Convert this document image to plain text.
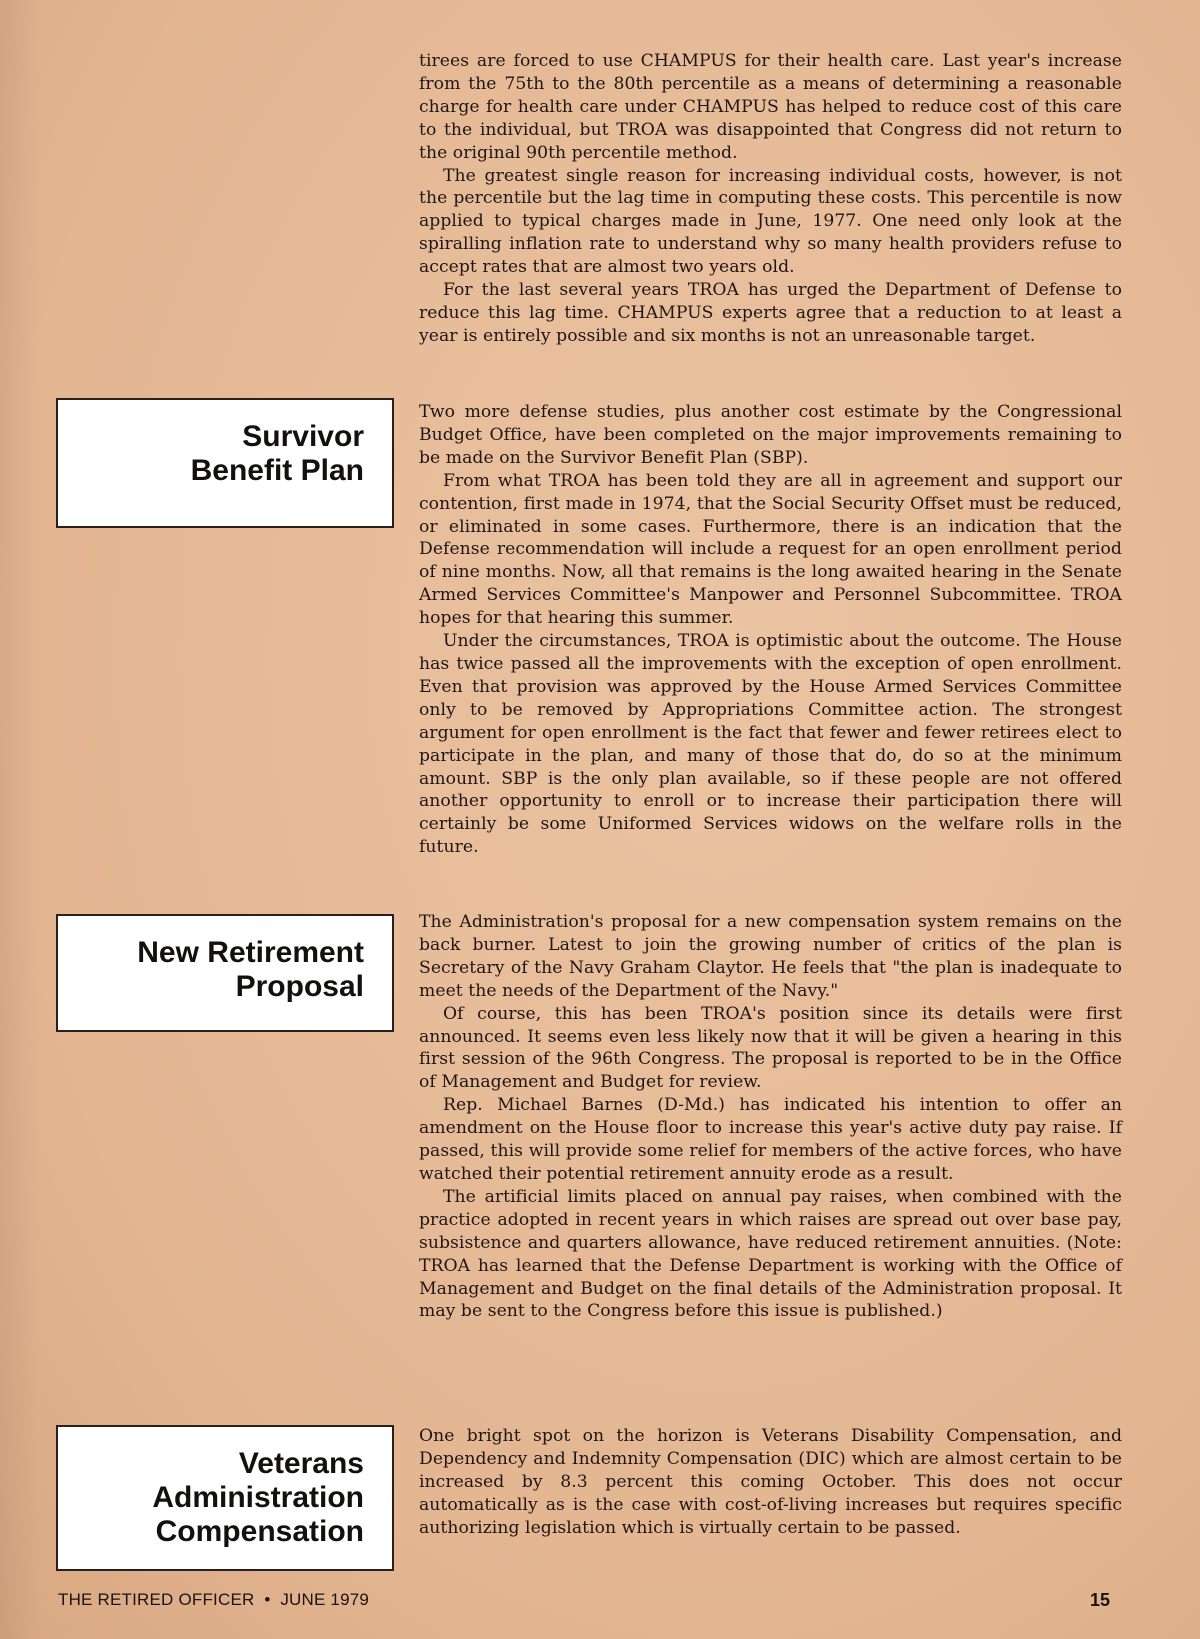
tirees are forced to use CHAMPUS for their health care. Last year's increase from the 75th to the 80th percentile as a means of determining a reasonable charge for health care under CHAMPUS has helped to reduce cost of this care to the individual, but TROA was disappointed that Congress did not return to the original 90th percentile method.

The greatest single reason for increasing individual costs, however, is not the percentile but the lag time in computing these costs. This percentile is now applied to typical charges made in June, 1977. One need only look at the spiralling inflation rate to understand why so many health providers refuse to accept rates that are almost two years old.

For the last several years TROA has urged the Department of Defense to reduce this lag time. CHAMPUS experts agree that a reduction to at least a year is entirely possible and six months is not an unreasonable target.

Survivor
Benefit Plan

Two more defense studies, plus another cost estimate by the Congressional Budget Office, have been completed on the major improvements remaining to be made on the Survivor Benefit Plan (SBP).

From what TROA has been told they are all in agreement and support our contention, first made in 1974, that the Social Security Offset must be reduced, or eliminated in some cases. Furthermore, there is an indication that the Defense recommendation will include a request for an open enrollment period of nine months. Now, all that remains is the long awaited hearing in the Senate Armed Services Committee's Manpower and Personnel Subcommittee. TROA hopes for that hearing this summer.

Under the circumstances, TROA is optimistic about the outcome. The House has twice passed all the improvements with the exception of open enrollment. Even that provision was approved by the House Armed Services Committee only to be removed by Appropriations Committee action. The strongest argument for open enrollment is the fact that fewer and fewer retirees elect to participate in the plan, and many of those that do, do so at the minimum amount. SBP is the only plan available, so if these people are not offered another opportunity to enroll or to increase their participation there will certainly be some Uniformed Services widows on the welfare rolls in the future.

New Retirement
Proposal

The Administration's proposal for a new compensation system remains on the back burner. Latest to join the growing number of critics of the plan is Secretary of the Navy Graham Claytor. He feels that "the plan is inadequate to meet the needs of the Department of the Navy."

Of course, this has been TROA's position since its details were first announced. It seems even less likely now that it will be given a hearing in this first session of the 96th Congress. The proposal is reported to be in the Office of Management and Budget for review.

Rep. Michael Barnes (D-Md.) has indicated his intention to offer an amendment on the House floor to increase this year's active duty pay raise. If passed, this will provide some relief for members of the active forces, who have watched their potential retirement annuity erode as a result.

The artificial limits placed on annual pay raises, when combined with the practice adopted in recent years in which raises are spread out over base pay, subsistence and quarters allowance, have reduced retirement annuities. (Note: TROA has learned that the Defense Department is working with the Office of Management and Budget on the final details of the Administration proposal. It may be sent to the Congress before this issue is published.)

Veterans
Administration
Compensation

One bright spot on the horizon is Veterans Disability Compensation, and Dependency and Indemnity Compensation (DIC) which are almost certain to be increased by 8.3 percent this coming October. This does not occur automatically as is the case with cost-of-living increases but requires specific authorizing legislation which is virtually certain to be passed.

THE RETIRED OFFICER  •  JUNE 1979	15
